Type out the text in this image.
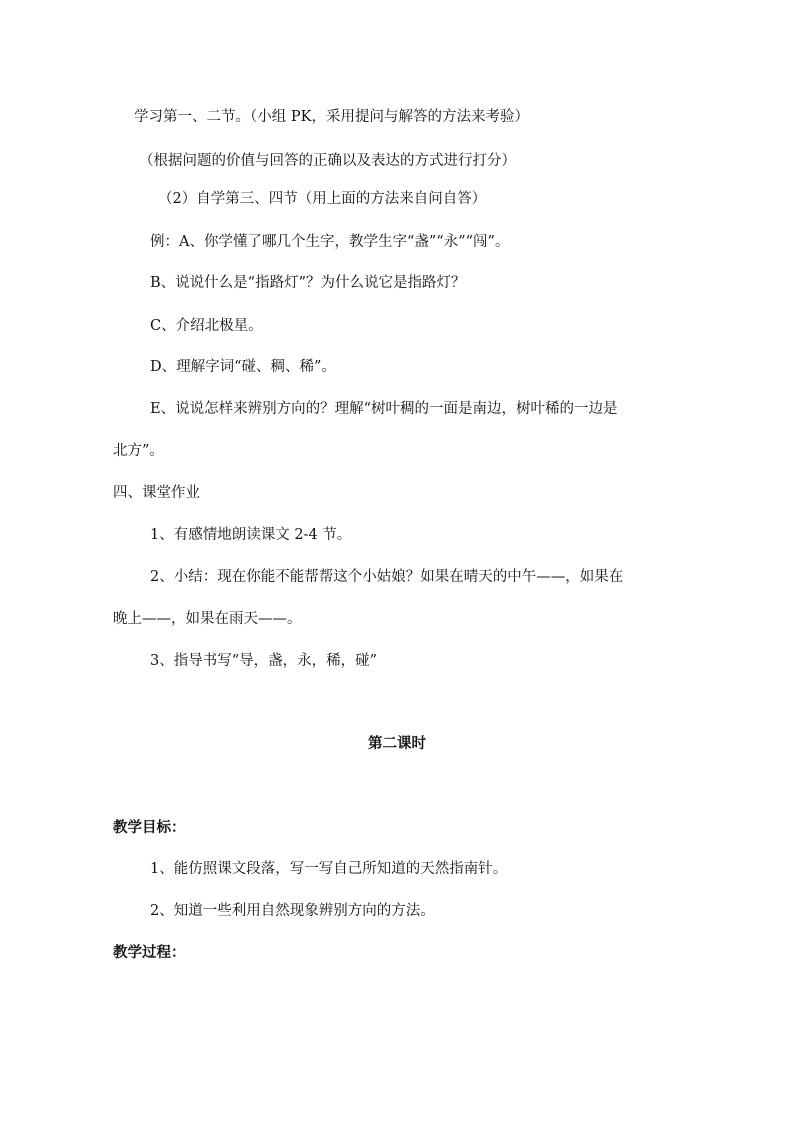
学习第一、二节。（小组 PK，采用提问与解答的方法来考验）
（根据问题的价值与回答的正确以及表达的方式进行打分）
（2）自学第三、四节（用上面的方法来自问自答）
例：A、你学懂了哪几个生字，教学生字“盏”“永”“闯”。
B、说说什么是“指路灯”？为什么说它是指路灯？
C、介绍北极星。
D、理解字词“碰、稠、稀”。
E、说说怎样来辨别方向的？理解“树叶稠的一面是南边，树叶稀的一边是
北方”。
四、课堂作业
1、有感情地朗读课文 2-4 节。
2、小结：现在你能不能帮帮这个小姑娘？如果在晴天的中午——，如果在
晚上——，如果在雨天——。
3、指导书写“导，盏，永，稀，碰”
第二课时
教学目标：
1、能仿照课文段落，写一写自己所知道的天然指南针。
2、知道一些利用自然现象辨别方向的方法。
教学过程：
